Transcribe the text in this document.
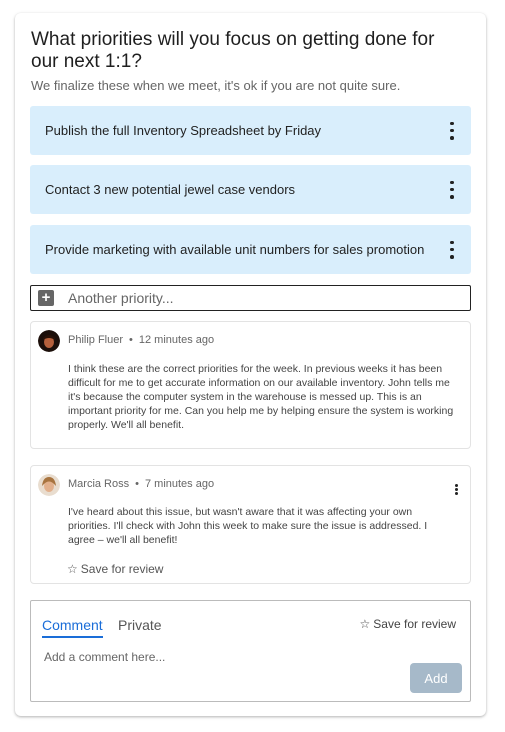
What priorities will you focus on getting done for our next 1:1?

We finalize these when we meet, it's ok if you are not quite sure.

Publish the full Inventory Spreadsheet by Friday
Contact 3 new potential jewel case vendors
Provide marketing with available unit numbers for sales promotion
+
Another priority...
Philip Fluer • 12 minutes ago

I think these are the correct priorities for the week. In previous weeks it has been difficult for me to get accurate information on our available inventory. John tells me it's because the computer system in the warehouse is messed up. This is an important priority for me. Can you help me by helping ensure the system is working properly. We'll all benefit.

Marcia Ross • 7 minutes ago

I've heard about this issue, but wasn't aware that it was affecting your own priorities. I'll check with John this week to make sure the issue is addressed. I agree – we'll all benefit!

☆ Save for review
Comment Private	☆ Save for review
Add a comment here...
Add
